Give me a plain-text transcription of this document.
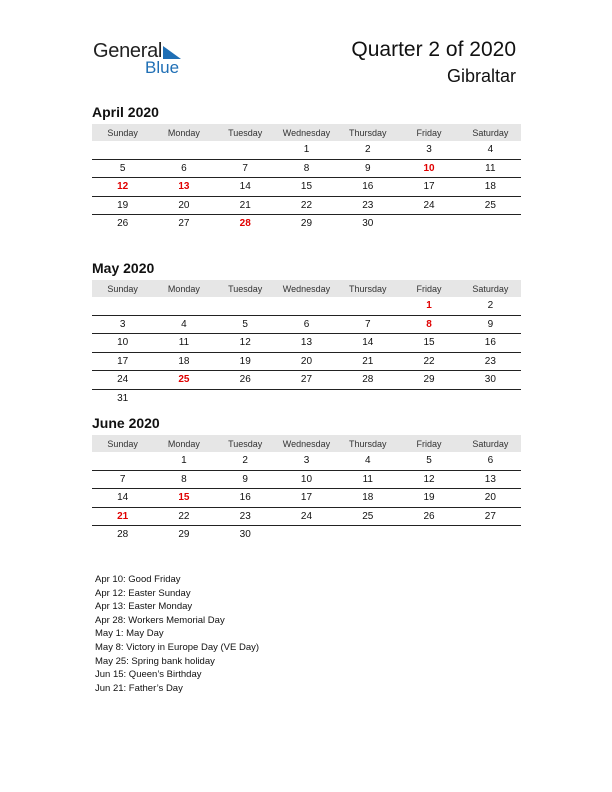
General
Blue
Quarter 2 of 2020
Gibraltar
April 2020
Sunday	Monday	Tuesday	Wednesday	Thursday	Friday	Saturday
			1	2	3	4
5	6	7	8	9	10	11
12	13	14	15	16	17	18
19	20	21	22	23	24	25
26	27	28	29	30		
May 2020
Sunday	Monday	Tuesday	Wednesday	Thursday	Friday	Saturday
					1	2
3	4	5	6	7	8	9
10	11	12	13	14	15	16
17	18	19	20	21	22	23
24	25	26	27	28	29	30
31						
June 2020
Sunday	Monday	Tuesday	Wednesday	Thursday	Friday	Saturday
	1	2	3	4	5	6
7	8	9	10	11	12	13
14	15	16	17	18	19	20
21	22	23	24	25	26	27
28	29	30				
Apr 10: Good Friday
Apr 12: Easter Sunday
Apr 13: Easter Monday
Apr 28: Workers Memorial Day
May 1: May Day
May 8: Victory in Europe Day (VE Day)
May 25: Spring bank holiday
Jun 15: Queen’s Birthday
Jun 21: Father’s Day
